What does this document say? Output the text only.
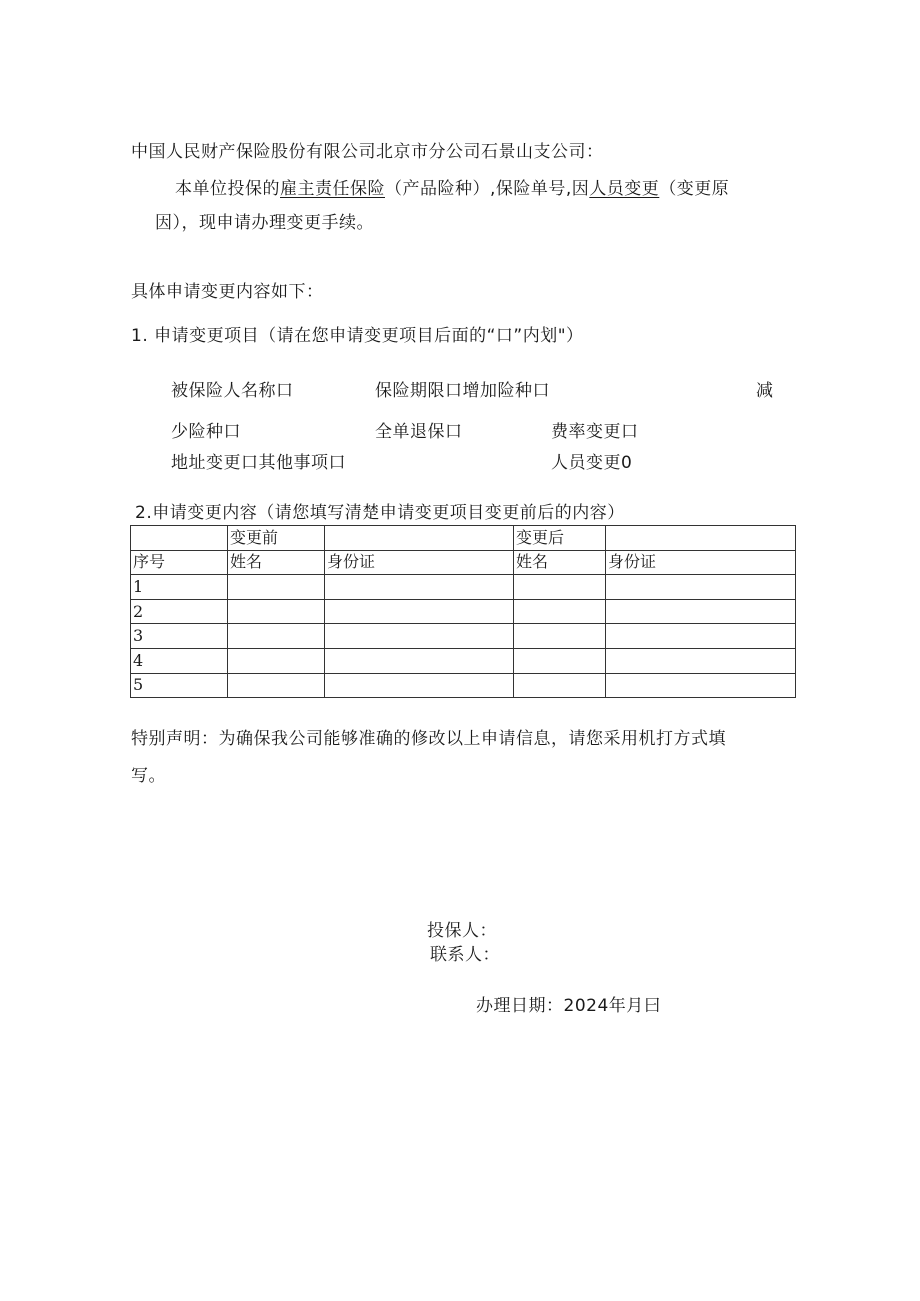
中国人民财产保险股份有限公司北京市分公司石景山支公司：
本单位投保的雇主责任保险（产品险种）,保险单号,因人员变更（变更原
因），现申请办理变更手续。
具体申请变更内容如下：
1. 申请变更项目（请在您申请变更项目后面的“口”内划"）
被保险人名称口	保险期限口增加险种口	减
少险种口	全单退保口	费率变更口
地址变更口其他事项口	人员变更0
2.申请变更内容（请您填写清楚申请变更项目变更前后的内容）
	变更前		变更后	
序号	姓名	身份证	姓名	身份证
1				
2				
3				
4				
5				
特别声明：为确保我公司能够准确的修改以上申请信息，请您采用机打方式填
写。
投保人：
联系人：
办理日期：2024年月曰
